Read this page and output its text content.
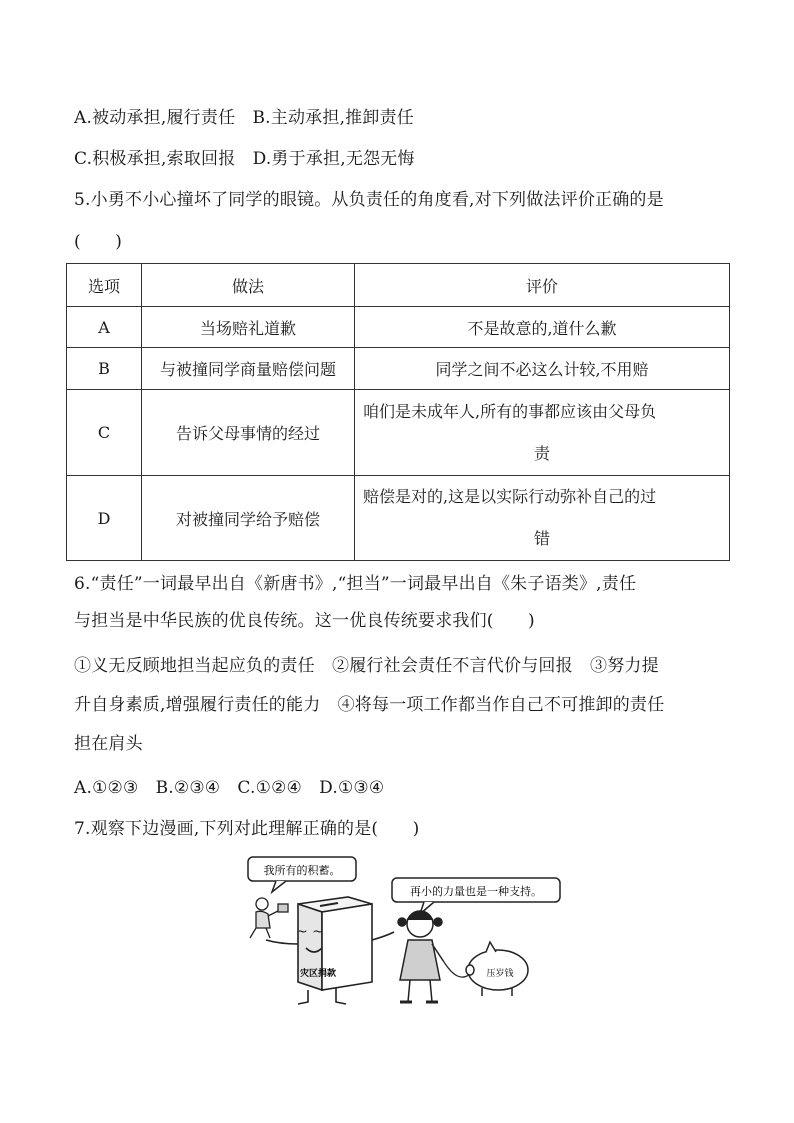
A.被动承担,履行责任　B.主动承担,推卸责任
C.积极承担,索取回报　D.勇于承担,无怨无悔
5.小勇不小心撞坏了同学的眼镜。从负责任的角度看,对下列做法评价正确的是
(　　)
选项	做法	评价
A	当场赔礼道歉	不是故意的,道什么歉
B	与被撞同学商量赔偿问题	同学之间不必这么计较,不用赔
C	告诉父母事情的经过	咱们是未成年人,所有的事都应该由父母负
责

D	对被撞同学给予赔偿	赔偿是对的,这是以实际行动弥补自己的过
错
6.“责任”一词最早出自《新唐书》,“担当”一词最早出自《朱子语类》,责任
与担当是中华民族的优良传统。这一优良传统要求我们(　　)
①义无反顾地担当起应负的责任　②履行社会责任不言代价与回报　③努力提
升自身素质,增强履行责任的能力　④将每一项工作都当作自己不可推卸的责任
担在肩头
A.①②③　B.②③④　C.①②④　D.①③④
7.观察下边漫画,下列对此理解正确的是(　　)
我所有的积蓄。
再小的力量也是一种支持。
~ ~
灾区捐款	压岁钱
